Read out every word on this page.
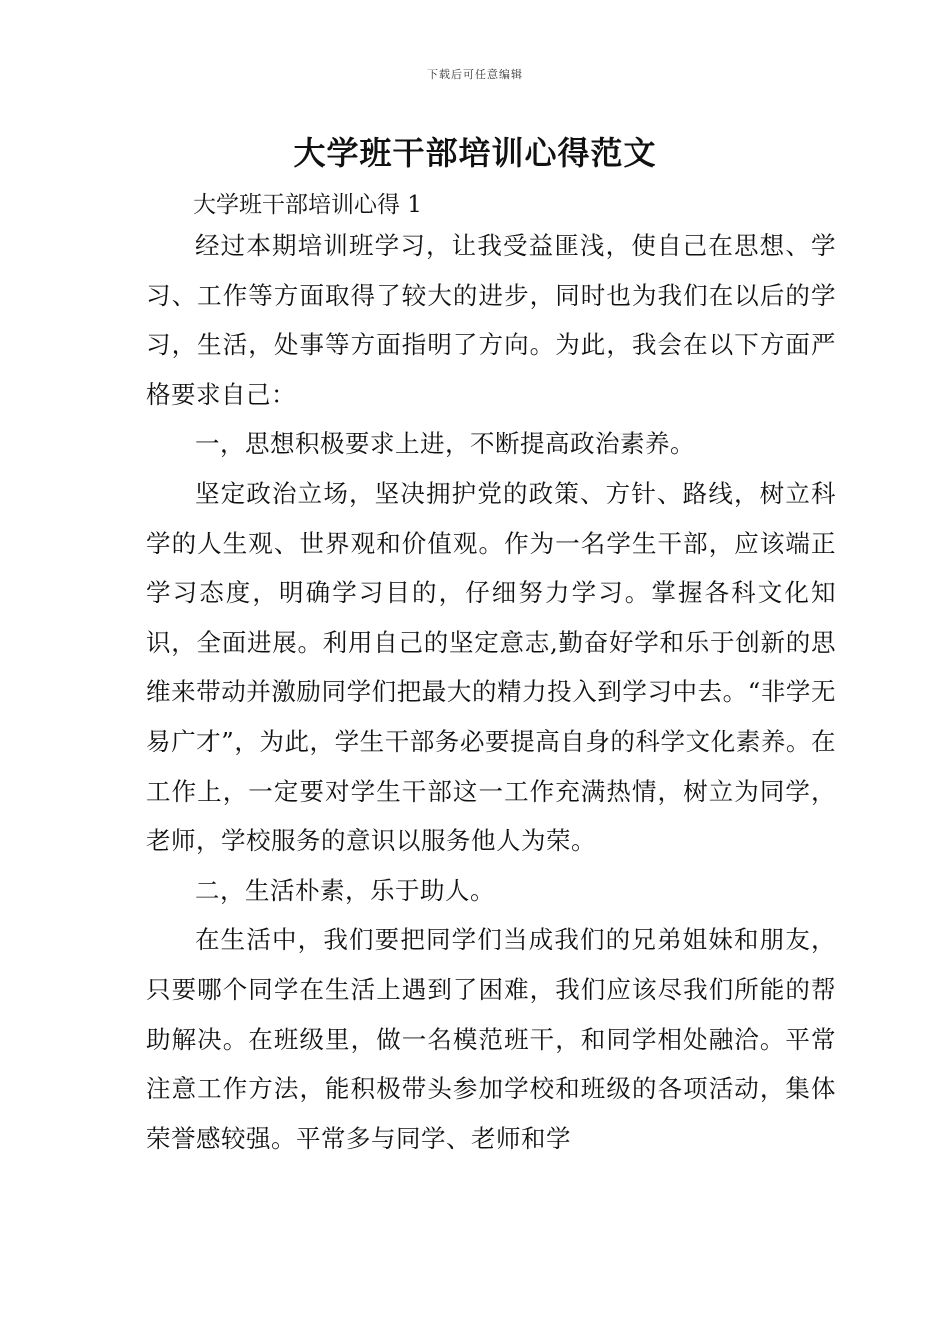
下载后可任意编辑
大学班干部培训心得范文
大学班干部培训心得 1

经过本期培训班学习，让我受益匪浅，使自己在思想、学习、工作等方面取得了较大的进步，同时也为我们在以后的学习，生活，处事等方面指明了方向。为此，我会在以下方面严格要求自己：

一，思想积极要求上进，不断提高政治素养。

坚定政治立场，坚决拥护党的政策、方针、路线，树立科学的人生观、世界观和价值观。作为一名学生干部，应该端正学习态度，明确学习目的，仔细努力学习。掌握各科文化知识，全面进展。利用自己的坚定意志,勤奋好学和乐于创新的思维来带动并激励同学们把最大的精力投入到学习中去。“非学无易广才”，为此，学生干部务必要提高自身的科学文化素养。在工作上，一定要对学生干部这一工作充满热情，树立为同学，老师，学校服务的意识以服务他人为荣。

二，生活朴素，乐于助人。

在生活中，我们要把同学们当成我们的兄弟姐妹和朋友，只要哪个同学在生活上遇到了困难，我们应该尽我们所能的帮助解决。在班级里，做一名模范班干，和同学相处融洽。平常注意工作方法，能积极带头参加学校和班级的各项活动，集体荣誉感较强。平常多与同学、老师和学
